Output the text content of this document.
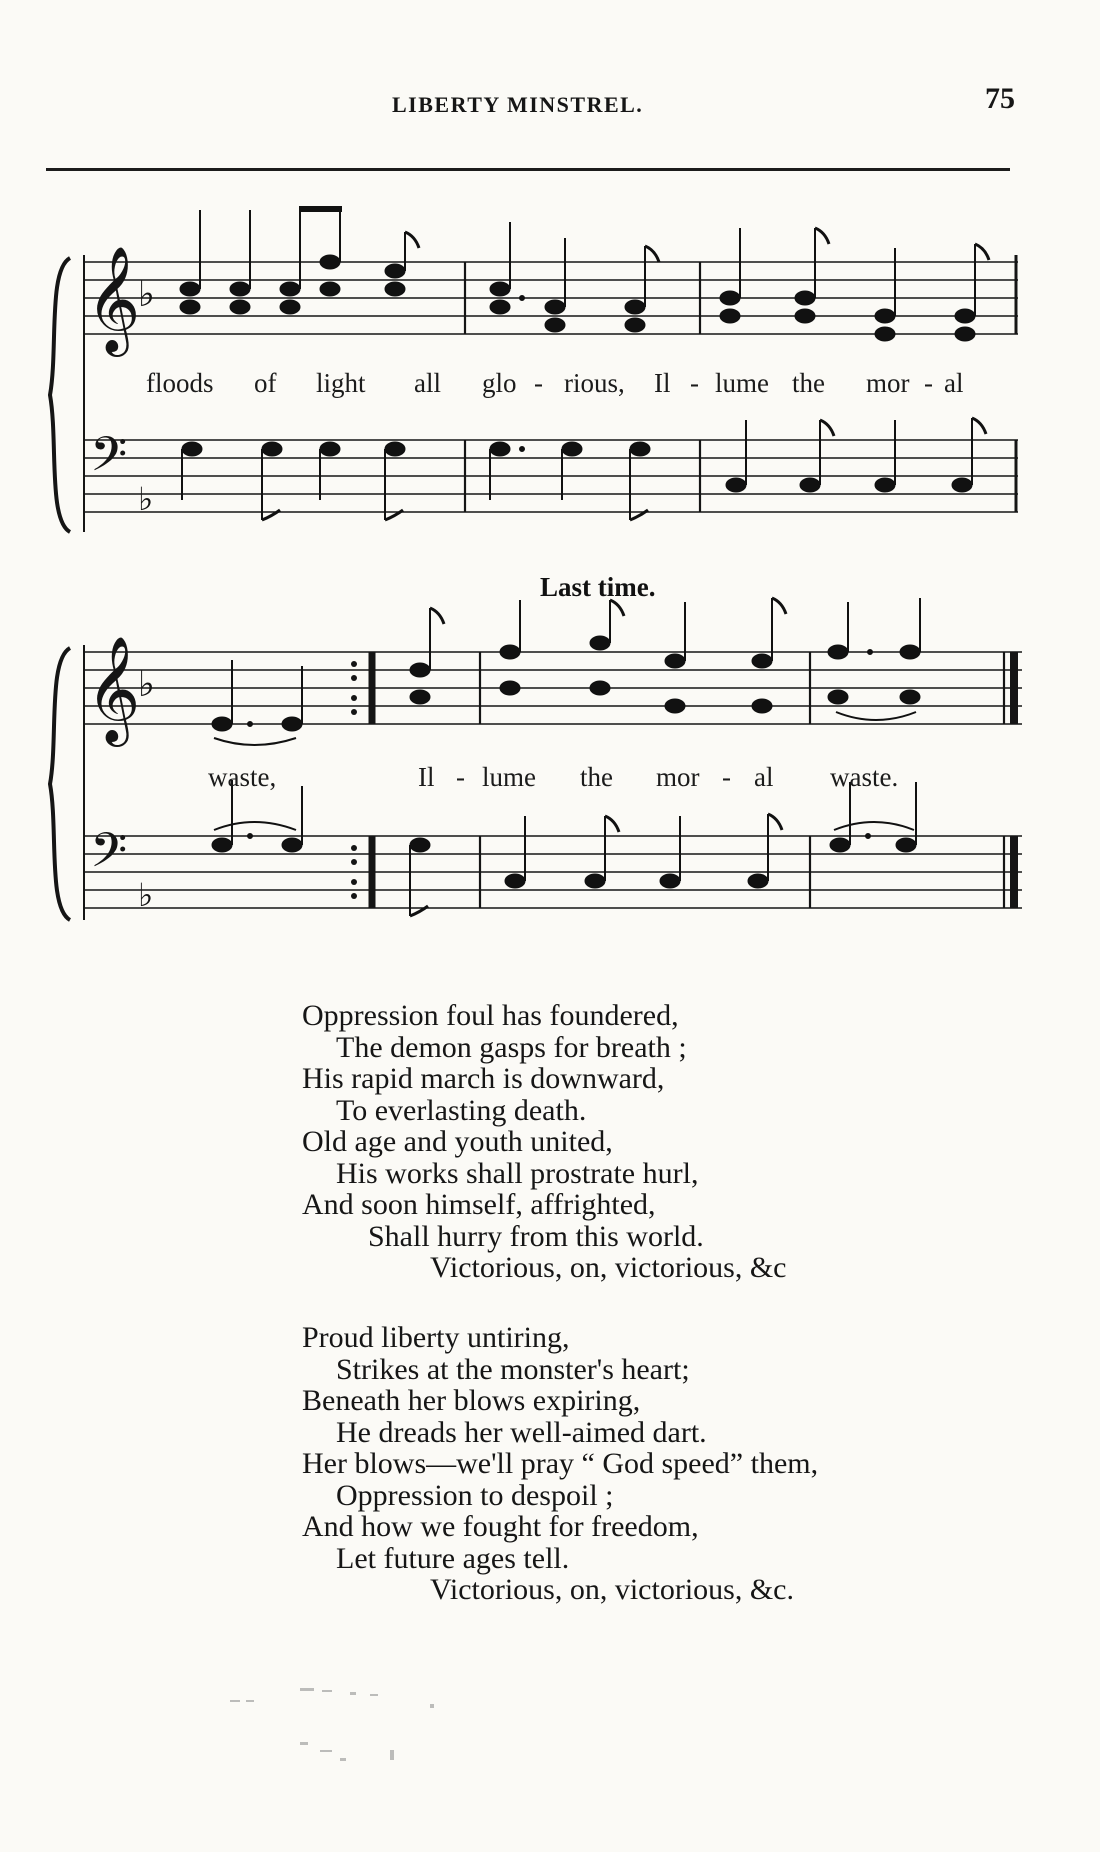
LIBERTY MINSTREL.	75
𝄞
♭
𝄢
♭
floods of light all glo - rious, Il - lume the mor - al
Last time.
𝄞
♭
𝄢
♭
waste,	Il - lume the mor - al waste.
Oppression foul has foundered,
The demon gasps for breath ;
His rapid march is downward,
To everlasting death.
Old age and youth united,
His works shall prostrate hurl,
And soon himself, affrighted,
Shall hurry from this world.
Victorious, on, victorious, &c
Proud liberty untiring,
Strikes at the monster's heart;
Beneath her blows expiring,
He dreads her well-aimed dart.
Her blows—we'll pray “ God speed” them,
Oppression to despoil ;
And how we fought for freedom,
Let future ages tell.
Victorious, on, victorious, &c.
